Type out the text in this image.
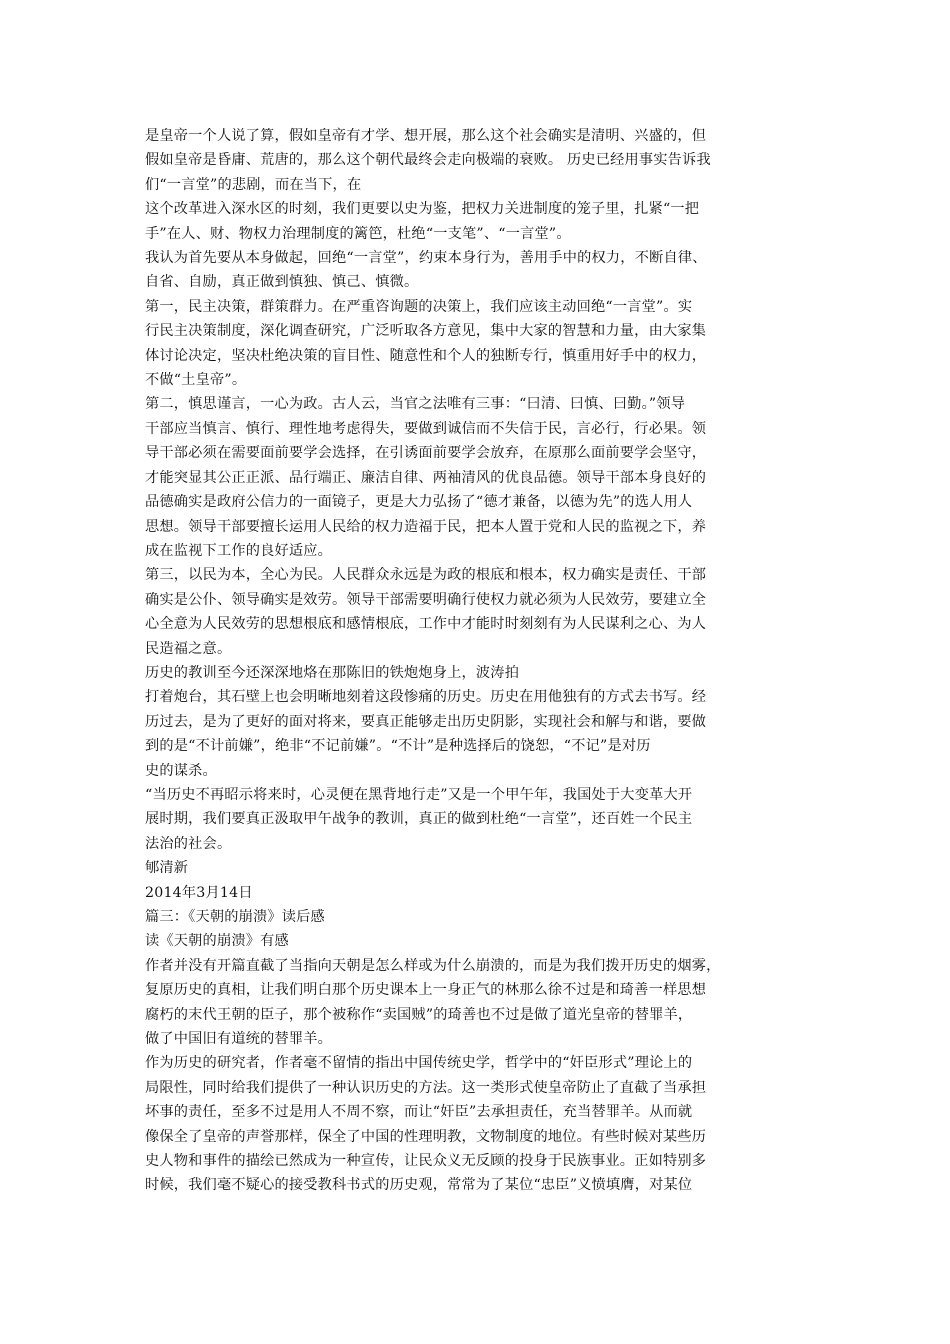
是皇帝一个人说了算，假如皇帝有才学、想开展，那么这个社会确实是清明、兴盛的，但
假如皇帝是昏庸、荒唐的，那么这个朝代最终会走向极端的衰败。 历史已经用事实告诉我
们“一言堂”的悲剧，而在当下，在
这个改革进入深水区的时刻，我们更要以史为鉴，把权力关进制度的笼子里，扎紧“一把
手”在人、财、物权力治理制度的篱笆，杜绝“一支笔”、“一言堂”。
我认为首先要从本身做起，回绝“一言堂”，约束本身行为，善用手中的权力，不断自律、
自省、自励，真正做到慎独、慎己、慎微。
第一，民主决策，群策群力。在严重咨询题的决策上，我们应该主动回绝“一言堂”。实
行民主决策制度，深化调查研究，广泛听取各方意见，集中大家的智慧和力量，由大家集
体讨论决定，坚决杜绝决策的盲目性、随意性和个人的独断专行，慎重用好手中的权力，
不做“土皇帝”。
第二，慎思谨言，一心为政。古人云，当官之法唯有三事：“曰清、曰慎、曰勤。”领导
干部应当慎言、慎行、理性地考虑得失，要做到诚信而不失信于民，言必行，行必果。领
导干部必须在需要面前要学会选择，在引诱面前要学会放弃，在原那么面前要学会坚守，
才能突显其公正正派、品行端正、廉洁自律、两袖清风的优良品德。领导干部本身良好的
品德确实是政府公信力的一面镜子，更是大力弘扬了“德才兼备，以德为先”的选人用人
思想。领导干部要擅长运用人民给的权力造福于民，把本人置于党和人民的监视之下，养
成在监视下工作的良好适应。
第三，以民为本，全心为民。人民群众永远是为政的根底和根本，权力确实是责任、干部
确实是公仆、领导确实是效劳。领导干部需要明确行使权力就必须为人民效劳，要建立全
心全意为人民效劳的思想根底和感情根底，工作中才能时时刻刻有为人民谋利之心、为人
民造福之意。
历史的教训至今还深深地烙在那陈旧的铁炮炮身上，波涛拍
打着炮台，其石壁上也会明晰地刻着这段惨痛的历史。历史在用他独有的方式去书写。经
历过去，是为了更好的面对将来，要真正能够走出历史阴影，实现社会和解与和谐，要做
到的是“不计前嫌”，绝非“不记前嫌”。“不计”是种选择后的饶恕，“不记”是对历
史的谋杀。
“当历史不再昭示将来时，心灵便在黑背地行走”又是一个甲午年，我国处于大变革大开
展时期，我们要真正汲取甲午战争的教训，真正的做到杜绝“一言堂”，还百姓一个民主
法治的社会。
郇清新
2014年3月14日
篇三：《天朝的崩溃》读后感
读《天朝的崩溃》有感
作者并没有开篇直截了当指向天朝是怎么样或为什么崩溃的，而是为我们拨开历史的烟雾，
复原历史的真相，让我们明白那个历史课本上一身正气的林那么徐不过是和琦善一样思想
腐朽的末代王朝的臣子，那个被称作“卖国贼”的琦善也不过是做了道光皇帝的替罪羊，
做了中国旧有道统的替罪羊。
作为历史的研究者，作者毫不留情的指出中国传统史学，哲学中的“奸臣形式”理论上的
局限性，同时给我们提供了一种认识历史的方法。这一类形式使皇帝防止了直截了当承担
坏事的责任，至多不过是用人不周不察，而让“奸臣”去承担责任，充当替罪羊。从而就
像保全了皇帝的声誉那样，保全了中国的性理明教，文物制度的地位。有些时候对某些历
史人物和事件的描绘已然成为一种宣传，让民众义无反顾的投身于民族事业。正如特别多
时候，我们毫不疑心的接受教科书式的历史观，常常为了某位“忠臣”义愤填膺，对某位
